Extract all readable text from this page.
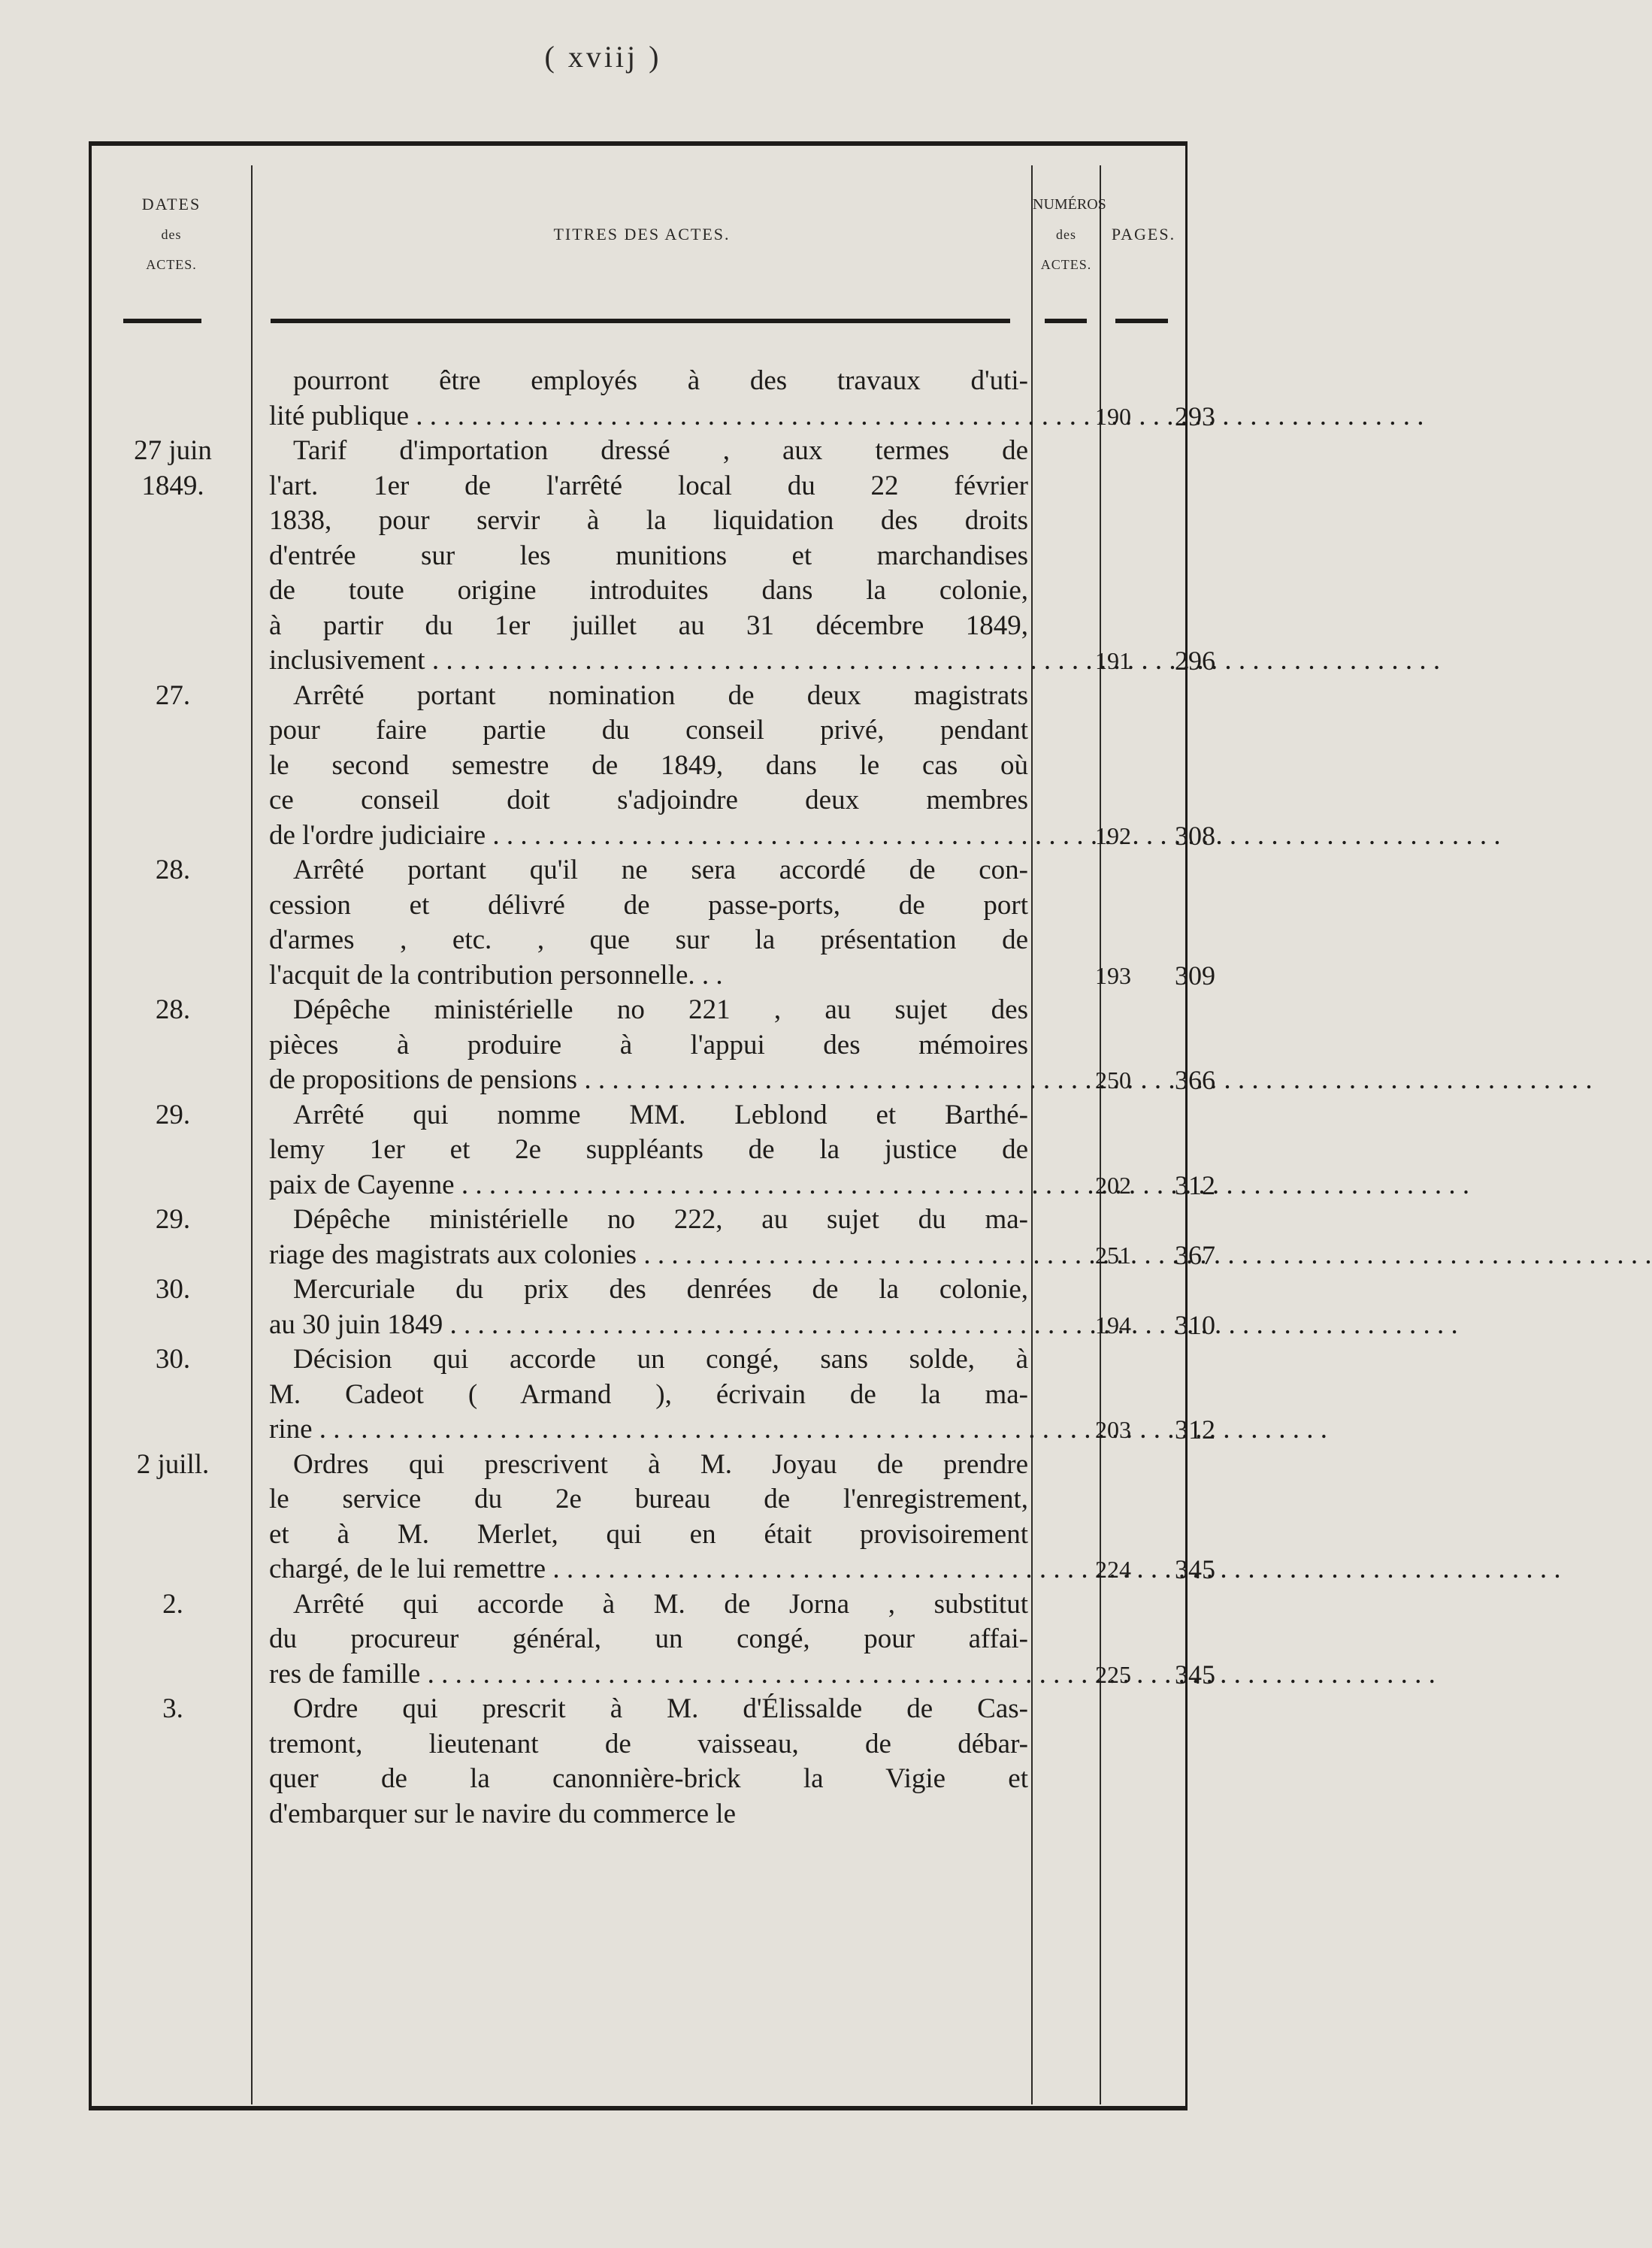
( xviij )
DATES
des
ACTES.
TITRES DES ACTES.
NUMÉROS
des
ACTES.
PAGES.
pourront être employés à des travaux d'uti-
lité publique . . .	190	293
27 juin
1849.
Tarif d'importation dressé , aux termes de
l'art. 1er de l'arrêté local du 22 février
1838, pour servir à la liquidation des droits
d'entrée sur les munitions et marchandises
de toute origine introduites dans la colonie,
à partir du 1er juillet au 31 décembre 1849,
inclusivement . . .	191	296
27.	Arrêté portant nomination de deux magistrats
pour faire partie du conseil privé, pendant
le second semestre de 1849, dans le cas où
ce conseil doit s'adjoindre deux membres
de l'ordre judiciaire . . .	192	308
28.	Arrêté portant qu'il ne sera accordé de con-
cession et délivré de passe-ports, de port
d'armes , etc. , que sur la présentation de
l'acquit de la contribution personnelle. . .	193	309
28.	Dépêche ministérielle no 221 , au sujet des
pièces à produire à l'appui des mémoires
de propositions de pensions . . .	250	366
29.	Arrêté qui nomme MM. Leblond et Barthé-
lemy 1er et 2e suppléants de la justice de
paix de Cayenne . . .	202	312
29.	Dépêche ministérielle no 222, au sujet du ma-
riage des magistrats aux colonies . . .	251	367
30.	Mercuriale du prix des denrées de la colonie,
au 30 juin 1849 . . .	194	310
30.	Décision qui accorde un congé, sans solde, à
M. Cadeot ( Armand ), écrivain de la ma-
rine . . .	203	312
2 juill.	Ordres qui prescrivent à M. Joyau de prendre
le service du 2e bureau de l'enregistrement,
et à M. Merlet, qui en était provisoirement
chargé, de le lui remettre . . .	224	345
2.	Arrêté qui accorde à M. de Jorna , substitut
du procureur général, un congé, pour affai-
res de famille . . .	225	345
3.	Ordre qui prescrit à M. d'Élissalde de Cas-
tremont, lieutenant de vaisseau, de débar-
quer de la canonnière-brick la Vigie et
d'embarquer sur le navire du commerce le
